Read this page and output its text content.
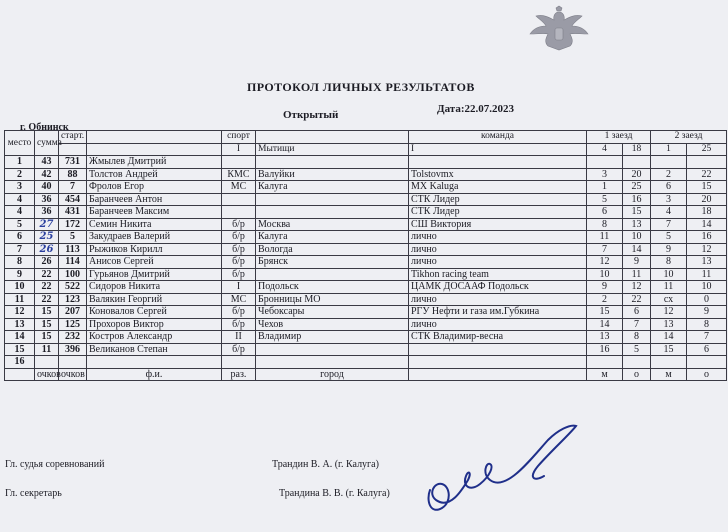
ПРОТОКОЛ ЛИЧНЫХ РЕЗУЛЬТАТОВ
Открытый	Дата:22.07.2023
г. Обнинск
место	сумма	старт.		спорт		команда	1 заезд		2 заезд	
				I	Мытищи	I	4	18	1	25
1	43	731	Жмылев Дмитрий							
2	42	88	Толстов Андрей	КМС	Валуйки	Tolstovmx	3	20	2	22
3	40	7	Фролов Егор	МС	Калуга	MX Kaluga	1	25	6	15
4	36	454	Баранчеев Антон			СТК Лидер	5	16	3	20
4	36	431	Баранчеев Максим			СТК Лидер	6	15	4	18
5	27	172	Семин Никита	б/р	Москва	СШ Виктория	8	13	7	14
6	25	5	Закудраев Валерий	б/р	Калуга	лично	11	10	5	16
7	26	113	Рыжиков Кирилл	б/р	Вологда	лично	7	14	9	12
8	26	114	Анисов Сергей	б/р	Брянск	лично	12	9	8	13
9	22	100	Гурьянов Дмитрий	б/р		Tikhon racing team	10	11	10	11
10	22	522	Сидоров Никита	I	Подольск	ЦАМК ДОСААФ Подольск	9	12	11	10
11	22	123	Валякин Георгий	МС	Бронницы МО	лично	2	22	сх	0
12	15	207	Коновалов Сергей	б/р	Чебоксары	РГУ Нефти и газа им.Губкина	15	6	12	9
13	15	125	Прохоров Виктор	б/р	Чехов	лично	14	7	13	8
14	15	232	Костров Александр	II	Владимир	СТК Владимир-весна	13	8	14	7
15	11	396	Великанов Степан	б/р			16	5	15	6
16										
	очков	очков	ф.и.	раз.	город		м	о	м	о
Гл. судья соревнований	Трандин В. А. (г. Калуга)
Гл. секретарь	Трандина В. В. (г. Калуга)
